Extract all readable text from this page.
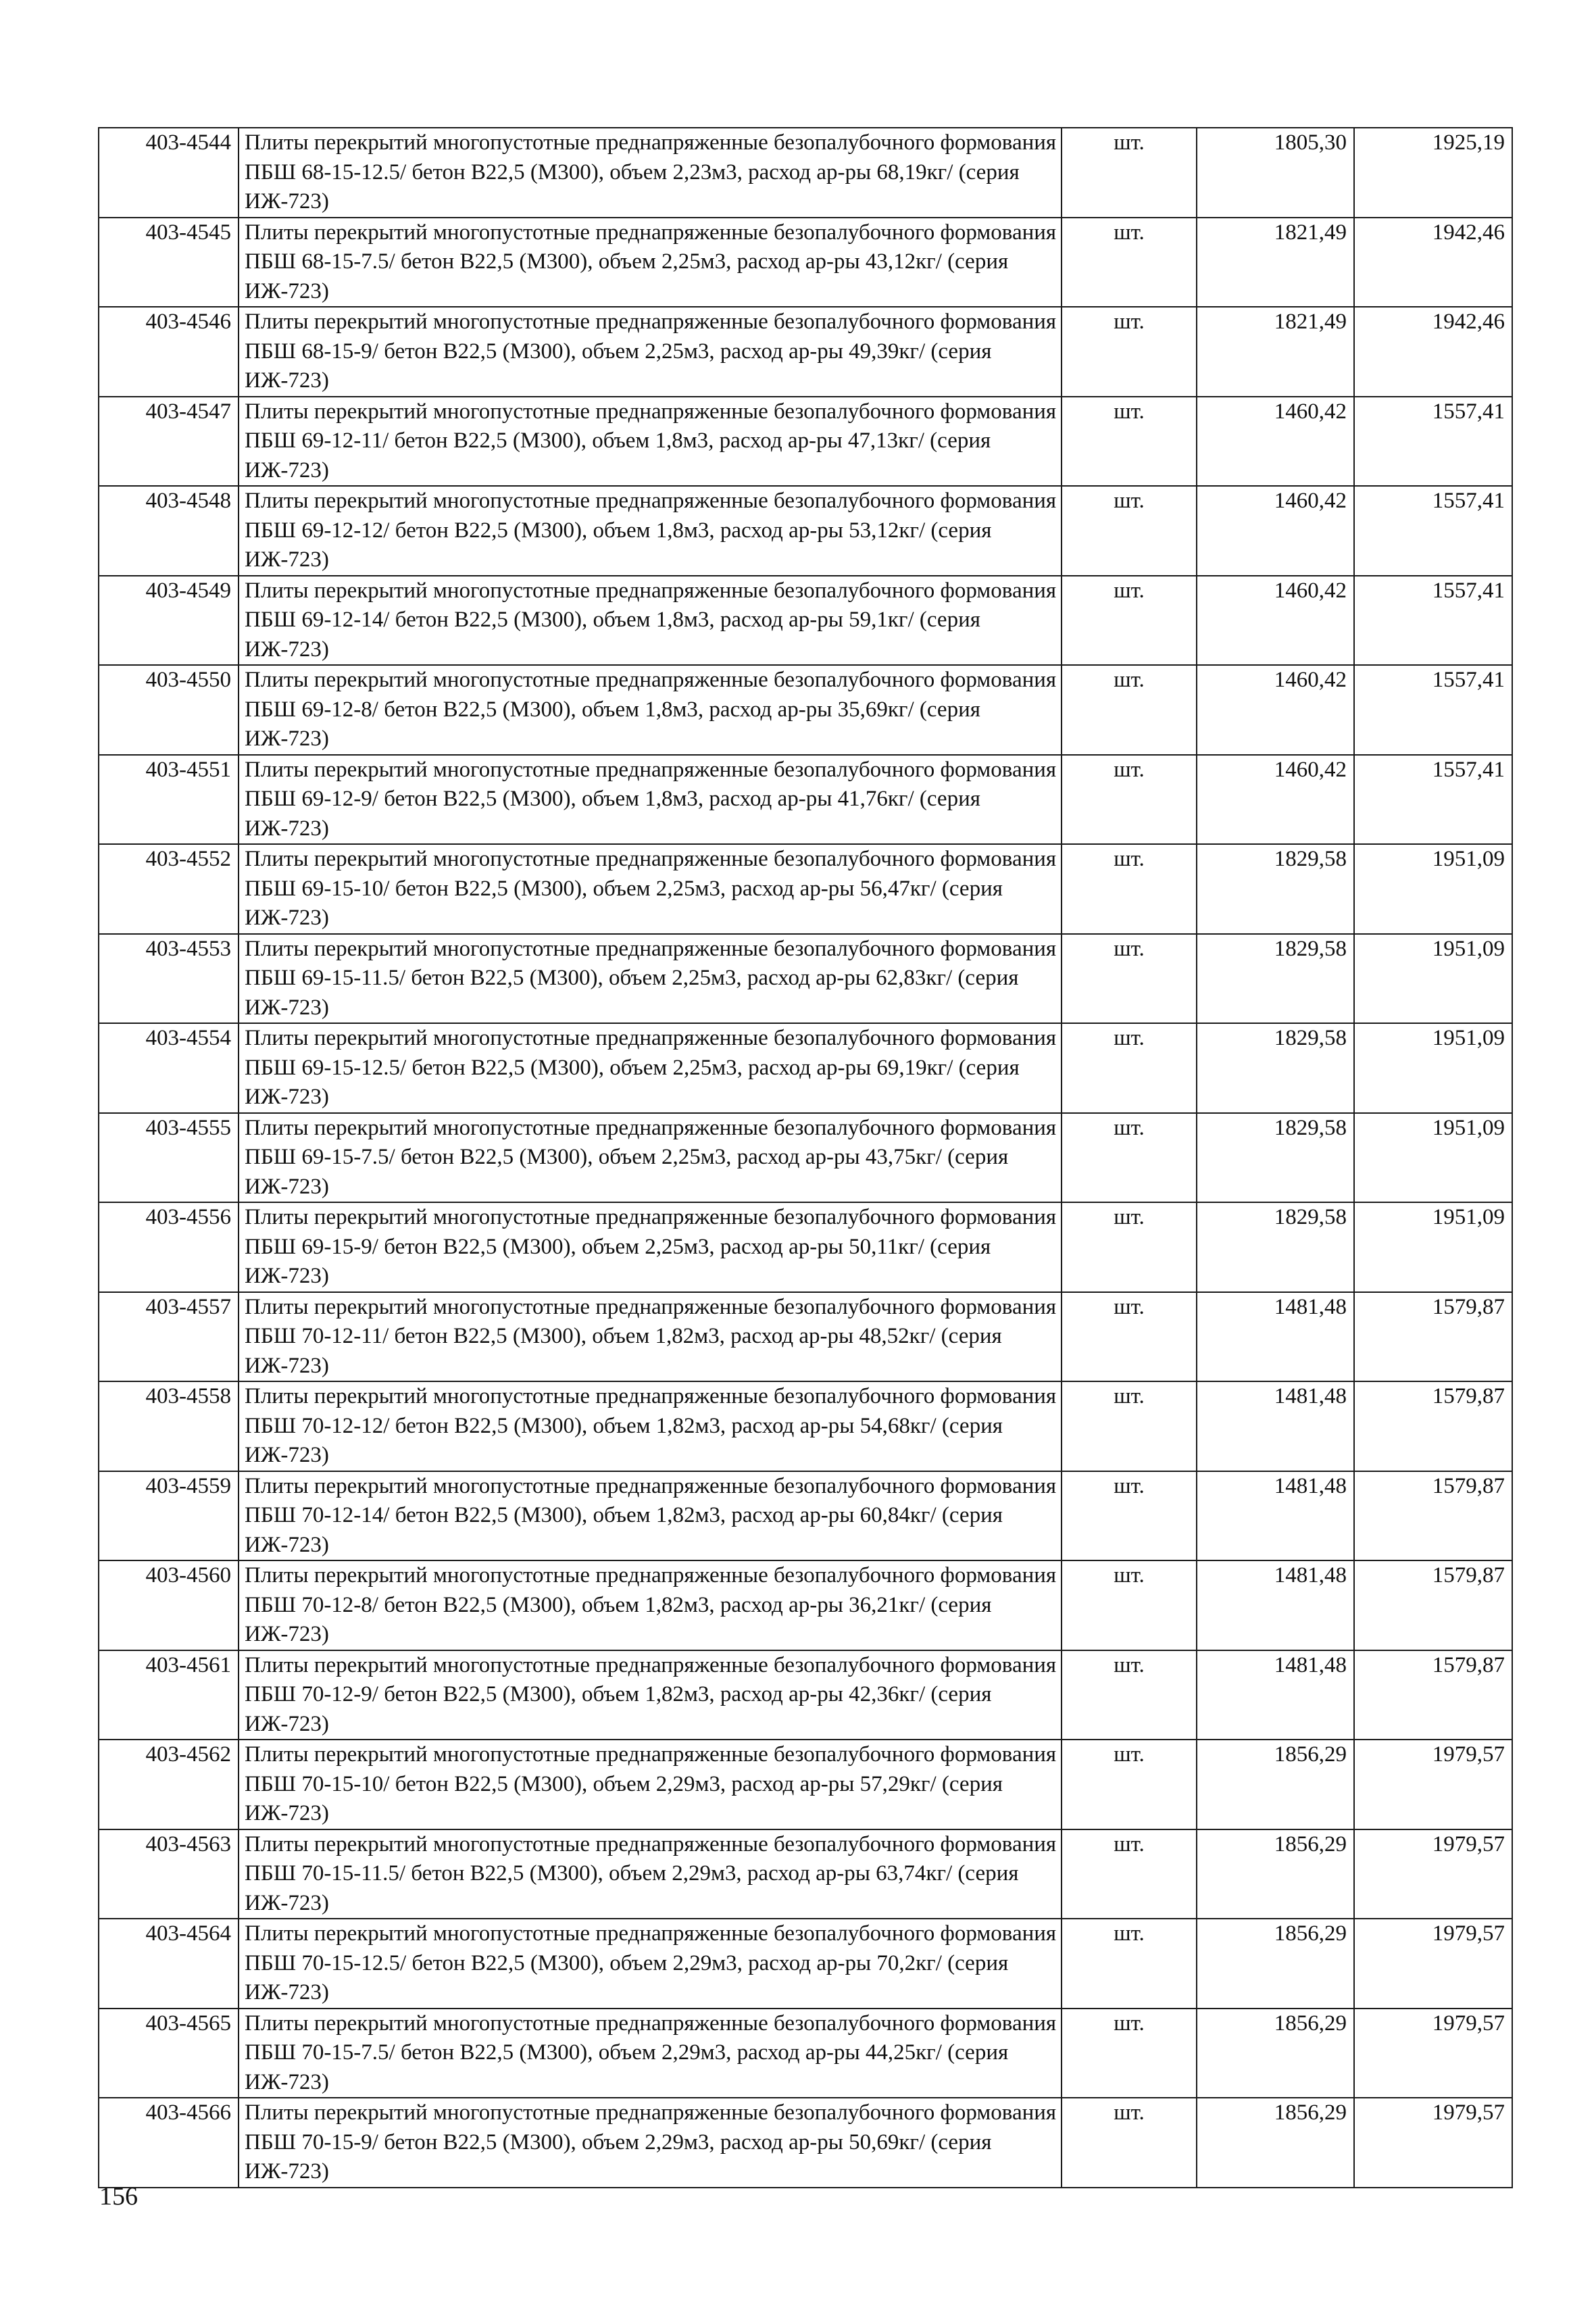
403-4544	Плиты перекрытий многопустотные преднапряженные безопалубочного формования ПБШ 68-15-12.5/ бетон В22,5 (М300), объем 2,23м3, расход ар-ры 68,19кг/ (серия ИЖ-723)	шт.	1805,30	1925,19
403-4545	Плиты перекрытий многопустотные преднапряженные безопалубочного формования ПБШ 68-15-7.5/ бетон В22,5 (М300), объем 2,25м3, расход ар-ры 43,12кг/ (серия ИЖ-723)	шт.	1821,49	1942,46
403-4546	Плиты перекрытий многопустотные преднапряженные безопалубочного формования ПБШ 68-15-9/ бетон В22,5 (М300), объем 2,25м3, расход ар-ры 49,39кг/ (серия ИЖ-723)	шт.	1821,49	1942,46
403-4547	Плиты перекрытий многопустотные преднапряженные безопалубочного формования ПБШ 69-12-11/ бетон В22,5 (М300), объем 1,8м3, расход ар-ры 47,13кг/ (серия ИЖ-723)	шт.	1460,42	1557,41
403-4548	Плиты перекрытий многопустотные преднапряженные безопалубочного формования ПБШ 69-12-12/ бетон В22,5 (М300), объем 1,8м3, расход ар-ры 53,12кг/ (серия ИЖ-723)	шт.	1460,42	1557,41
403-4549	Плиты перекрытий многопустотные преднапряженные безопалубочного формования ПБШ 69-12-14/ бетон В22,5 (М300), объем 1,8м3, расход ар-ры 59,1кг/ (серия ИЖ-723)	шт.	1460,42	1557,41
403-4550	Плиты перекрытий многопустотные преднапряженные безопалубочного формования ПБШ 69-12-8/ бетон В22,5 (М300), объем 1,8м3, расход ар-ры 35,69кг/ (серия ИЖ-723)	шт.	1460,42	1557,41
403-4551	Плиты перекрытий многопустотные преднапряженные безопалубочного формования ПБШ 69-12-9/ бетон В22,5 (М300), объем 1,8м3, расход ар-ры 41,76кг/ (серия ИЖ-723)	шт.	1460,42	1557,41
403-4552	Плиты перекрытий многопустотные преднапряженные безопалубочного формования ПБШ 69-15-10/ бетон В22,5 (М300), объем 2,25м3, расход ар-ры 56,47кг/ (серия ИЖ-723)	шт.	1829,58	1951,09
403-4553	Плиты перекрытий многопустотные преднапряженные безопалубочного формования ПБШ 69-15-11.5/ бетон В22,5 (М300), объем 2,25м3, расход ар-ры 62,83кг/ (серия ИЖ-723)	шт.	1829,58	1951,09
403-4554	Плиты перекрытий многопустотные преднапряженные безопалубочного формования ПБШ 69-15-12.5/ бетон В22,5 (М300), объем 2,25м3, расход ар-ры 69,19кг/ (серия ИЖ-723)	шт.	1829,58	1951,09
403-4555	Плиты перекрытий многопустотные преднапряженные безопалубочного формования ПБШ 69-15-7.5/ бетон В22,5 (М300), объем 2,25м3, расход ар-ры 43,75кг/ (серия ИЖ-723)	шт.	1829,58	1951,09
403-4556	Плиты перекрытий многопустотные преднапряженные безопалубочного формования ПБШ 69-15-9/ бетон В22,5 (М300), объем 2,25м3, расход ар-ры 50,11кг/ (серия ИЖ-723)	шт.	1829,58	1951,09
403-4557	Плиты перекрытий многопустотные преднапряженные безопалубочного формования ПБШ 70-12-11/ бетон В22,5 (М300), объем 1,82м3, расход ар-ры 48,52кг/ (серия ИЖ-723)	шт.	1481,48	1579,87
403-4558	Плиты перекрытий многопустотные преднапряженные безопалубочного формования ПБШ 70-12-12/ бетон В22,5 (М300), объем 1,82м3, расход ар-ры 54,68кг/ (серия ИЖ-723)	шт.	1481,48	1579,87
403-4559	Плиты перекрытий многопустотные преднапряженные безопалубочного формования ПБШ 70-12-14/ бетон В22,5 (М300), объем 1,82м3, расход ар-ры 60,84кг/ (серия ИЖ-723)	шт.	1481,48	1579,87
403-4560	Плиты перекрытий многопустотные преднапряженные безопалубочного формования ПБШ 70-12-8/ бетон В22,5 (М300), объем 1,82м3, расход ар-ры 36,21кг/ (серия ИЖ-723)	шт.	1481,48	1579,87
403-4561	Плиты перекрытий многопустотные преднапряженные безопалубочного формования ПБШ 70-12-9/ бетон В22,5 (М300), объем 1,82м3, расход ар-ры 42,36кг/ (серия ИЖ-723)	шт.	1481,48	1579,87
403-4562	Плиты перекрытий многопустотные преднапряженные безопалубочного формования ПБШ 70-15-10/ бетон В22,5 (М300), объем 2,29м3, расход ар-ры 57,29кг/ (серия ИЖ-723)	шт.	1856,29	1979,57
403-4563	Плиты перекрытий многопустотные преднапряженные безопалубочного формования ПБШ 70-15-11.5/ бетон В22,5 (М300), объем 2,29м3, расход ар-ры 63,74кг/ (серия ИЖ-723)	шт.	1856,29	1979,57
403-4564	Плиты перекрытий многопустотные преднапряженные безопалубочного формования ПБШ 70-15-12.5/ бетон В22,5 (М300), объем 2,29м3, расход ар-ры 70,2кг/ (серия ИЖ-723)	шт.	1856,29	1979,57
403-4565	Плиты перекрытий многопустотные преднапряженные безопалубочного формования ПБШ 70-15-7.5/ бетон В22,5 (М300), объем 2,29м3, расход ар-ры 44,25кг/ (серия ИЖ-723)	шт.	1856,29	1979,57
403-4566	Плиты перекрытий многопустотные преднапряженные безопалубочного формования ПБШ 70-15-9/ бетон В22,5 (М300), объем 2,29м3, расход ар-ры 50,69кг/ (серия ИЖ-723)	шт.	1856,29	1979,57
156
